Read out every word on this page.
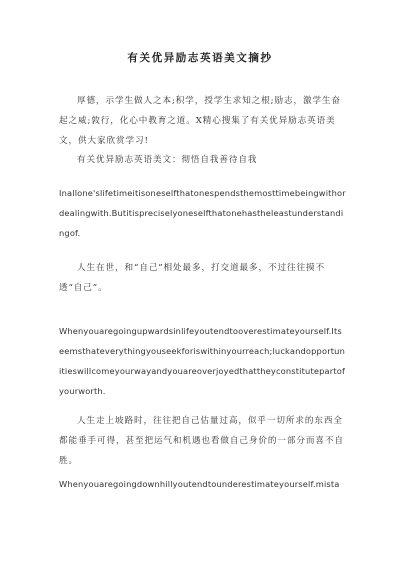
有关优异励志英语美文摘抄
厚德，示学生做人之本;积学，授学生求知之根;励志，激学生奋起之威;敦行，化心中教育之道。X精心搜集了有关优异励志英语美文，供大家欣赏学习!
有关优异励志英语美文：彻悟自我善待自我
Inallone'slifetimeitisoneselfthatonespendsthemosttimebeingwithordealingwith.Butitispreciselyoneselfthatonehastheleastunderstandingof.
人生在世，和“自己”相处最多，打交道最多，不过往往摸不透“自己”。
Whenyouaregoingupwardsinlifeyoutendtooverestimateyourself.Itseemsthateverythingyouseekforiswithinyourreach;luckandopportunitieswillcomeyourwayandyouareoverjoyedthattheyconstitutepartofyourworth.
人生走上坡路时，往往把自己估量过高，似乎一切所求的东西全都能垂手可得，甚至把运气和机遇也看做自己身价的一部分而喜不自胜。
Whenyouaregoingdownhillyoutendtounderestimateyourself.mista
